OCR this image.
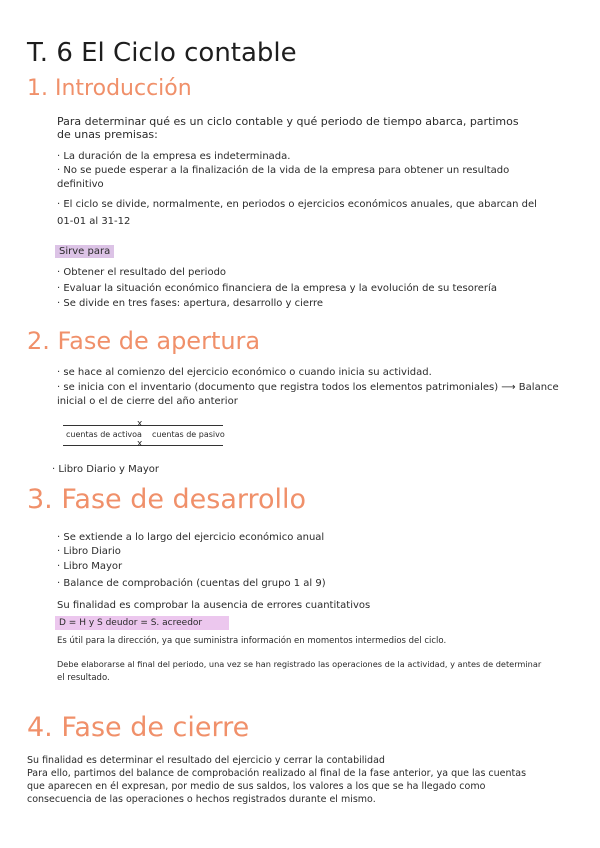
T. 6 El Ciclo contable
1. Introducción
Para determinar qué es un ciclo contable y qué periodo de tiempo abarca, partimos
de unas premisas:
· La duración de la empresa es indeterminada.
· No se puede esperar a la finalización de la vida de la empresa para obtener un resultado
definitivo
· El ciclo se divide, normalmente, en periodos o ejercicios económicos anuales, que abarcan del
01-01 al 31-12
Sirve para
· Obtener el resultado del periodo
· Evaluar la situación económico financiera de la empresa y la evolución de su tesorería
· Se divide en tres fases: apertura, desarrollo y cierre
2. Fase de apertura
· se hace al comienzo del ejercicio económico o cuando inicia su actividad.
· se inicia con el inventario (documento que registra todos los elementos patrimoniales) ⟶ Balance
inicial o el de cierre del año anterior
x
cuentas de activo a cuentas de pasivo
x
· Libro Diario y Mayor
3. Fase de desarrollo
· Se extiende a lo largo del ejercicio económico anual
· Libro Diario
· Libro Mayor
· Balance de comprobación (cuentas del grupo 1 al 9)
Su finalidad es comprobar la ausencia de errores cuantitativos
D = H y S deudor = S. acreedor
Es útil para la dirección, ya que suministra información en momentos intermedios del ciclo.
Debe elaborarse al final del periodo, una vez se han registrado las operaciones de la actividad, y antes de determinar
el resultado.
4. Fase de cierre
Su finalidad es determinar el resultado del ejercicio y cerrar la contabilidad
Para ello, partimos del balance de comprobación realizado al final de la fase anterior, ya que las cuentas
que aparecen en él expresan, por medio de sus saldos, los valores a los que se ha llegado como
consecuencia de las operaciones o hechos registrados durante el mismo.
